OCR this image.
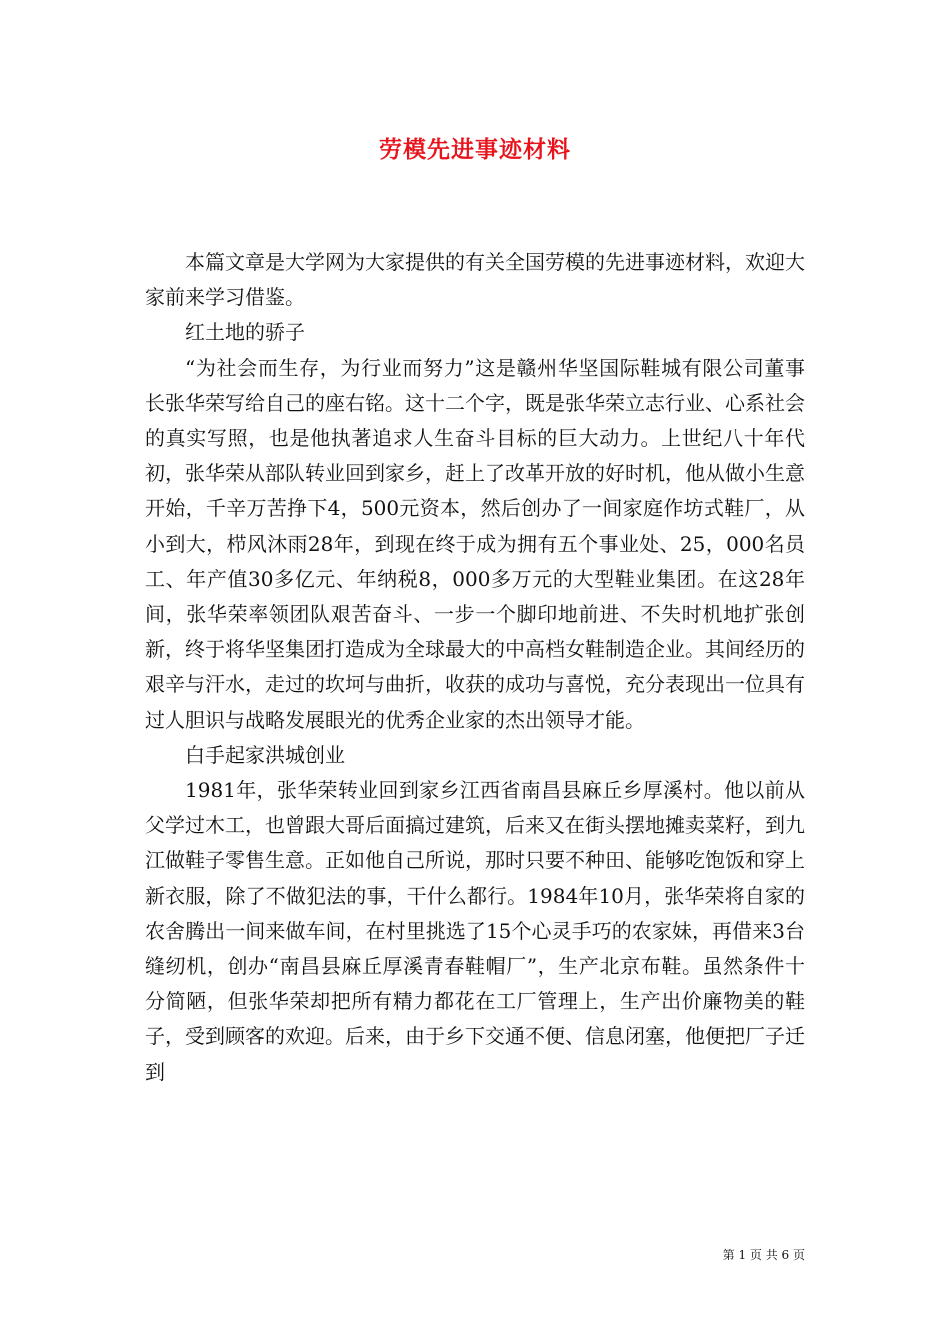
劳模先进事迹材料

本篇文章是大学网为大家提供的有关全国劳模的先进事迹材料，欢迎大家前来学习借鉴。

红土地的骄子

“为社会而生存，为行业而努力”这是赣州华坚国际鞋城有限公司董事长张华荣写给自己的座右铭。这十二个字，既是张华荣立志行业、心系社会的真实写照，也是他执著追求人生奋斗目标的巨大动力。上世纪八十年代初，张华荣从部队转业回到家乡，赶上了改革开放的好时机，他从做小生意开始，千辛万苦挣下4，500元资本，然后创办了一间家庭作坊式鞋厂，从小到大，栉风沐雨28年，到现在终于成为拥有五个事业处、25，000名员工、年产值30多亿元、年纳税8，000多万元的大型鞋业集团。在这28年间，张华荣率领团队艰苦奋斗、一步一个脚印地前进、不失时机地扩张创新，终于将华坚集团打造成为全球最大的中高档女鞋制造企业。其间经历的艰辛与汗水，走过的坎坷与曲折，收获的成功与喜悦，充分表现出一位具有过人胆识与战略发展眼光的优秀企业家的杰出领导才能。

白手起家洪城创业

1981年，张华荣转业回到家乡江西省南昌县麻丘乡厚溪村。他以前从父学过木工，也曾跟大哥后面搞过建筑，后来又在街头摆地摊卖菜籽，到九江做鞋子零售生意。正如他自己所说，那时只要不种田、能够吃饱饭和穿上新衣服，除了不做犯法的事，干什么都行。1984年10月，张华荣将自家的农舍腾出一间来做车间，在村里挑选了15个心灵手巧的农家妹，再借来3台缝纫机，创办“南昌县麻丘厚溪青春鞋帽厂”，生产北京布鞋。虽然条件十分简陋，但张华荣却把所有精力都花在工厂管理上，生产出价廉物美的鞋子，受到顾客的欢迎。后来，由于乡下交通不便、信息闭塞，他便把厂子迁到

第 1 页 共 6 页
